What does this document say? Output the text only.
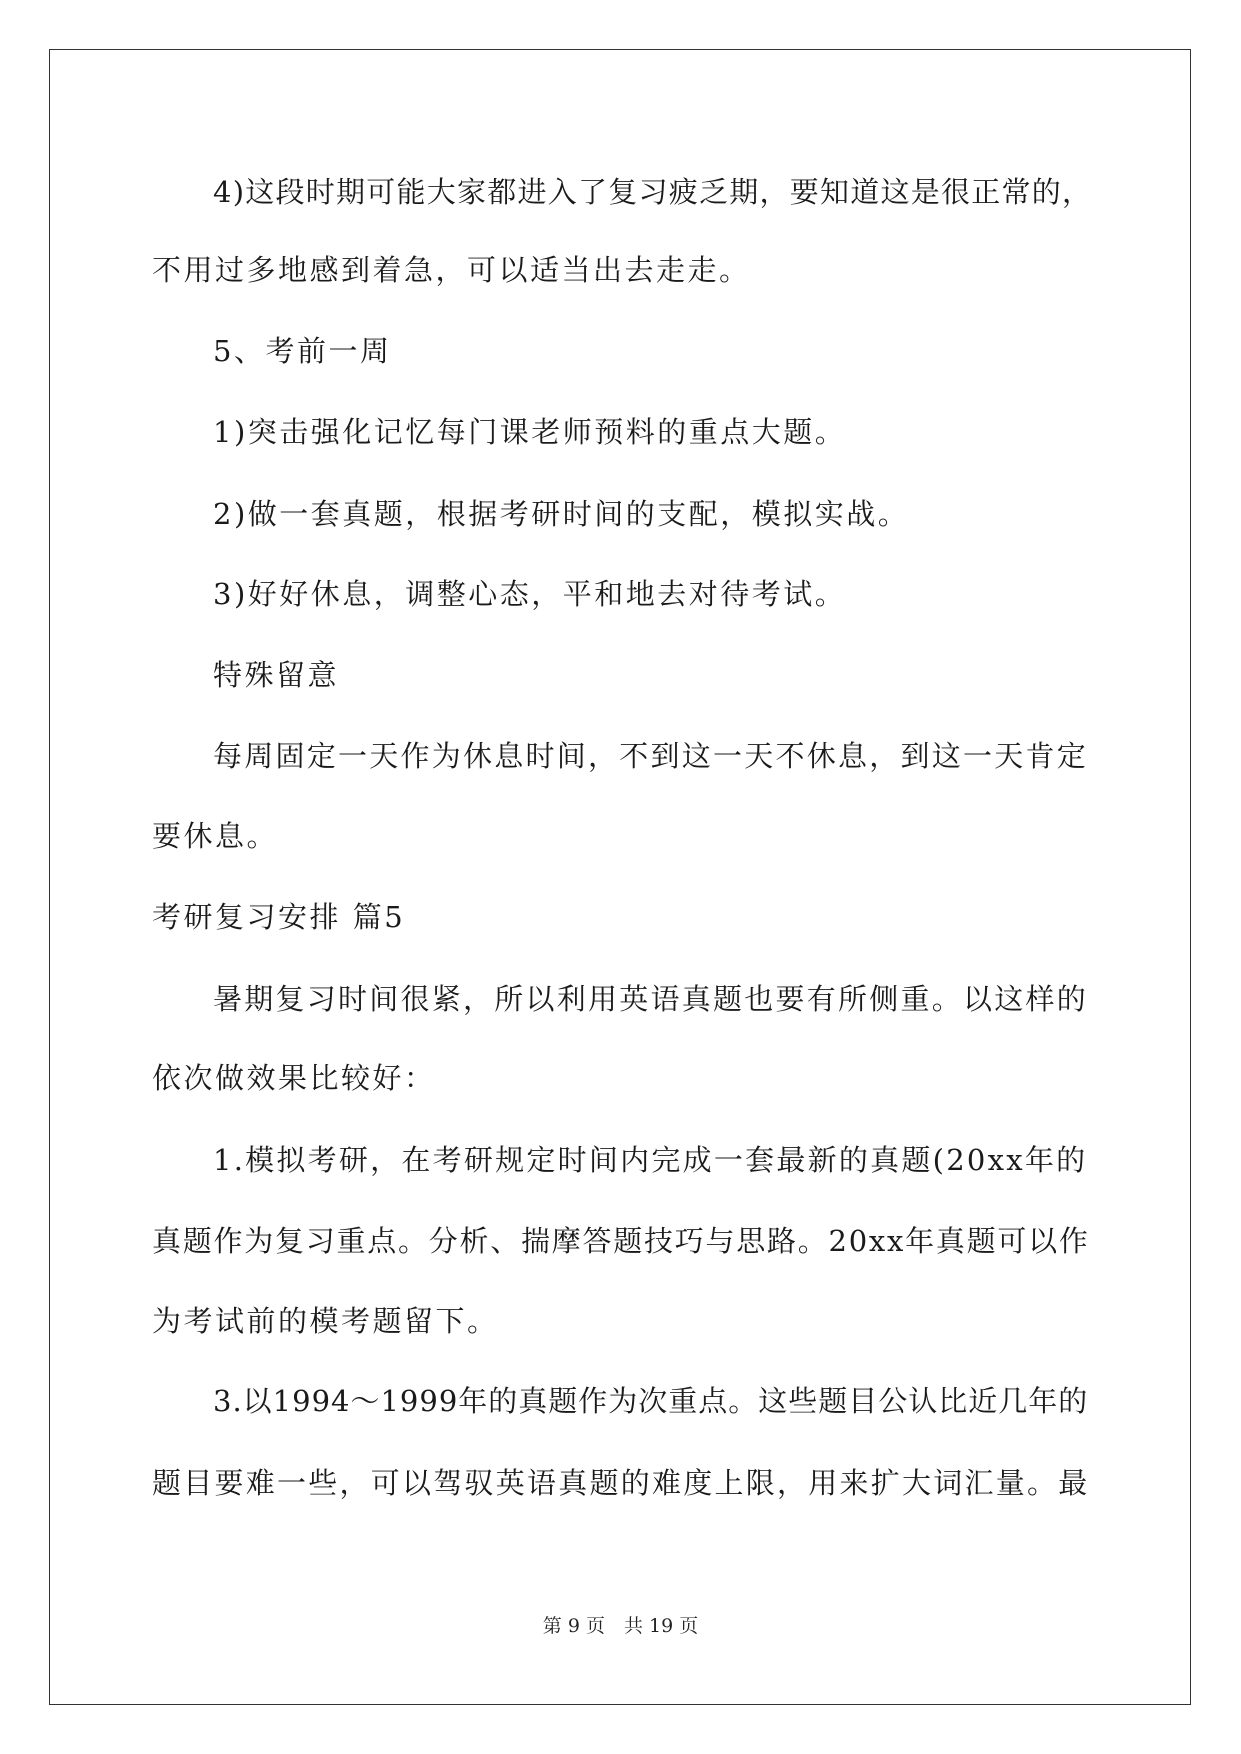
4)这段时期可能大家都进入了复习疲乏期，要知道这是很正常的，
不用过多地感到着急，可以适当出去走走。
5、考前一周
1)突击强化记忆每门课老师预料的重点大题。
2)做一套真题，根据考研时间的支配，模拟实战。
3)好好休息，调整心态，平和地去对待考试。
特殊留意
每周固定一天作为休息时间，不到这一天不休息，到这一天肯定
要休息。
考研复习安排 篇5
暑期复习时间很紧，所以利用英语真题也要有所侧重。以这样的
依次做效果比较好：
1.模拟考研，在考研规定时间内完成一套最新的真题(20xx年的
真题作为复习重点。分析、揣摩答题技巧与思路。20xx年真题可以作
为考试前的模考题留下。
3.以1994～1999年的真题作为次重点。这些题目公认比近几年的
题目要难一些，可以驾驭英语真题的难度上限，用来扩大词汇量。最
第 9 页　共 19 页
